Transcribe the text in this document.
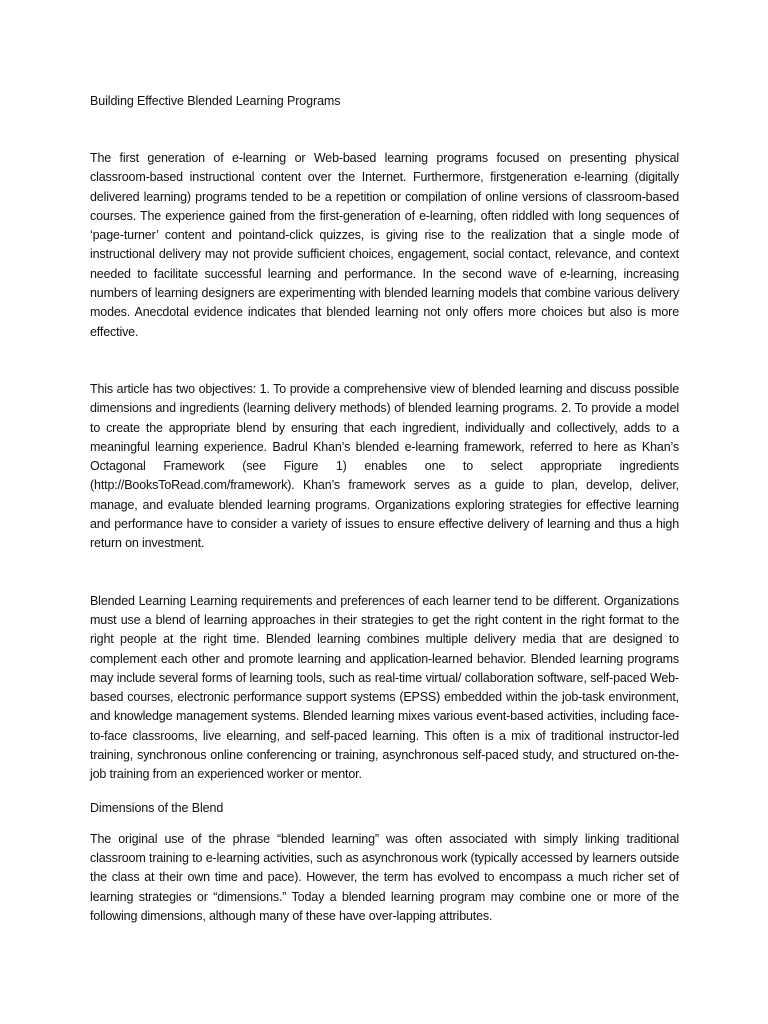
Building Effective Blended Learning Programs

The first generation of e-learning or Web-based learning programs focused on presenting physical classroom-based instructional content over the Internet. Furthermore, firstgeneration e-learning (digitally delivered learning) programs tended to be a repetition or compilation of online versions of classroom-based courses. The experience gained from the first-generation of e-learning, often riddled with long sequences of ‘page-turner’ content and pointand-click quizzes, is giving rise to the realization that a single mode of instructional delivery may not provide sufficient choices, engagement, social contact, relevance, and context needed to facilitate successful learning and performance. In the second wave of e-learning, increasing numbers of learning designers are experimenting with blended learning models that combine various delivery modes. Anecdotal evidence indicates that blended learning not only offers more choices but also is more effective.

This article has two objectives: 1. To provide a comprehensive view of blended learning and discuss possible dimensions and ingredients (learning delivery methods) of blended learning programs. 2. To provide a model to create the appropriate blend by ensuring that each ingredient, individually and collectively, adds to a meaningful learning experience. Badrul Khan’s blended e-learning framework, referred to here as Khan’s Octagonal Framework (see Figure 1) enables one to select appropriate ingredients (http://BooksToRead.com/framework). Khan’s framework serves as a guide to plan, develop, deliver, manage, and evaluate blended learning programs. Organizations exploring strategies for effective learning and performance have to consider a variety of issues to ensure effective delivery of learning and thus a high return on investment.

Blended Learning Learning requirements and preferences of each learner tend to be different. Organizations must use a blend of learning approaches in their strategies to get the right content in the right format to the right people at the right time. Blended learning combines multiple delivery media that are designed to complement each other and promote learning and application-learned behavior. Blended learning programs may include several forms of learning tools, such as real-time virtual/ collaboration software, self-paced Web-based courses, electronic performance support systems (EPSS) embedded within the job-task environment, and knowledge management systems. Blended learning mixes various event-based activities, including face-to-face classrooms, live elearning, and self-paced learning. This often is a mix of traditional instructor-led training, synchronous online conferencing or training, asynchronous self-paced study, and structured on-the-job training from an experienced worker or mentor.

Dimensions of the Blend

The original use of the phrase “blended learning” was often associated with simply linking traditional classroom training to e-learning activities, such as asynchronous work (typically accessed by learners outside the class at their own time and pace). However, the term has evolved to encompass a much richer set of learning strategies or “dimensions.” Today a blended learning program may combine one or more of the following dimensions, although many of these have over-lapping attributes.
